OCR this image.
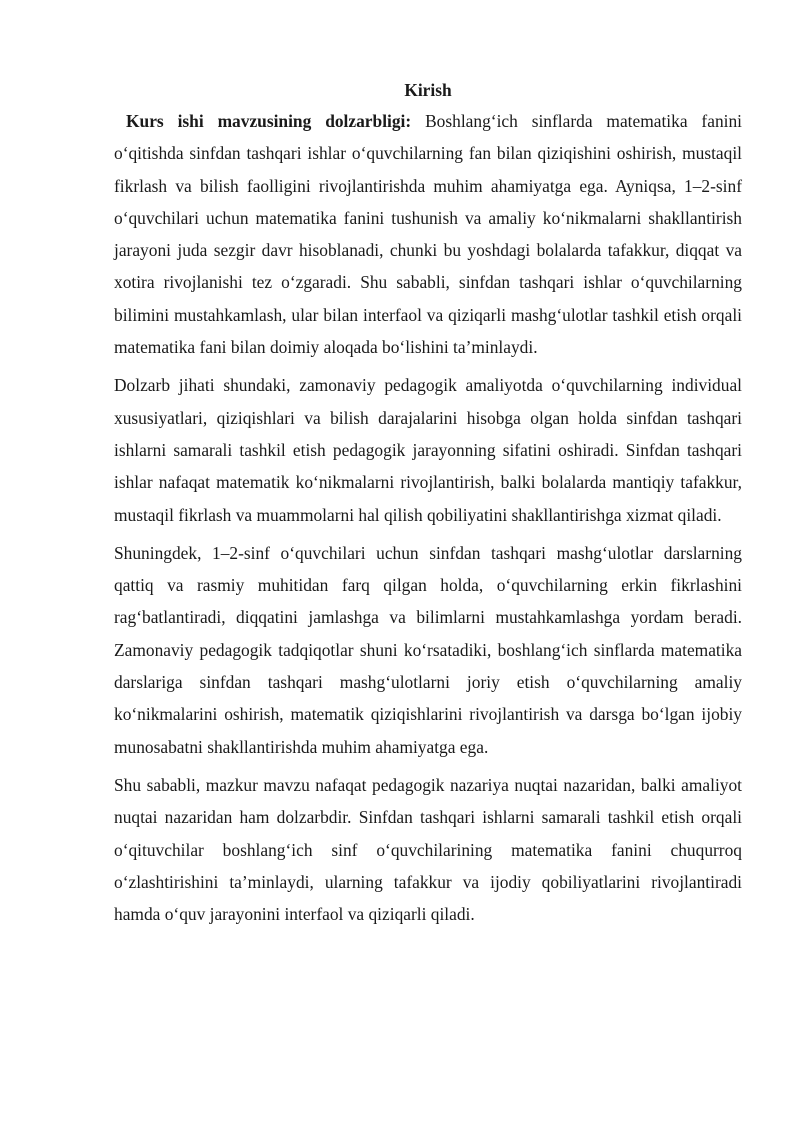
Kirish

Kurs ishi mavzusining dolzarbligi: Boshlang‘ich sinflarda matematika fanini o‘qitishda sinfdan tashqari ishlar o‘quvchilarning fan bilan qiziqishini oshirish, mustaqil fikrlash va bilish faolligini rivojlantirishda muhim ahamiyatga ega. Ayniqsa, 1–2-sinf o‘quvchilari uchun matematika fanini tushunish va amaliy ko‘nikmalarni shakllantirish jarayoni juda sezgir davr hisoblanadi, chunki bu yoshdagi bolalarda tafakkur, diqqat va xotira rivojlanishi tez o‘zgaradi. Shu sababli, sinfdan tashqari ishlar o‘quvchilarning bilimini mustahkamlash, ular bilan interfaol va qiziqarli mashg‘ulotlar tashkil etish orqali matematika fani bilan doimiy aloqada bo‘lishini ta’minlaydi.

Dolzarb jihati shundaki, zamonaviy pedagogik amaliyotda o‘quvchilarning individual xususiyatlari, qiziqishlari va bilish darajalarini hisobga olgan holda sinfdan tashqari ishlarni samarali tashkil etish pedagogik jarayonning sifatini oshiradi. Sinfdan tashqari ishlar nafaqat matematik ko‘nikmalarni rivojlantirish, balki bolalarda mantiqiy tafakkur, mustaqil fikrlash va muammolarni hal qilish qobiliyatini shakllantirishga xizmat qiladi.

Shuningdek, 1–2-sinf o‘quvchilari uchun sinfdan tashqari mashg‘ulotlar darslarning qattiq va rasmiy muhitidan farq qilgan holda, o‘quvchilarning erkin fikrlashini rag‘batlantiradi, diqqatini jamlashga va bilimlarni mustahkamlashga yordam beradi. Zamonaviy pedagogik tadqiqotlar shuni ko‘rsatadiki, boshlang‘ich sinflarda matematika darslariga sinfdan tashqari mashg‘ulotlarni joriy etish o‘quvchilarning amaliy ko‘nikmalarini oshirish, matematik qiziqishlarini rivojlantirish va darsga bo‘lgan ijobiy munosabatni shakllantirishda muhim ahamiyatga ega.

Shu sababli, mazkur mavzu nafaqat pedagogik nazariya nuqtai nazaridan, balki amaliyot nuqtai nazaridan ham dolzarbdir. Sinfdan tashqari ishlarni samarali tashkil etish orqali o‘qituvchilar boshlang‘ich sinf o‘quvchilarining matematika fanini chuqurroq o‘zlashtirishini ta’minlaydi, ularning tafakkur va ijodiy qobiliyatlarini rivojlantiradi hamda o‘quv jarayonini interfaol va qiziqarli qiladi.
